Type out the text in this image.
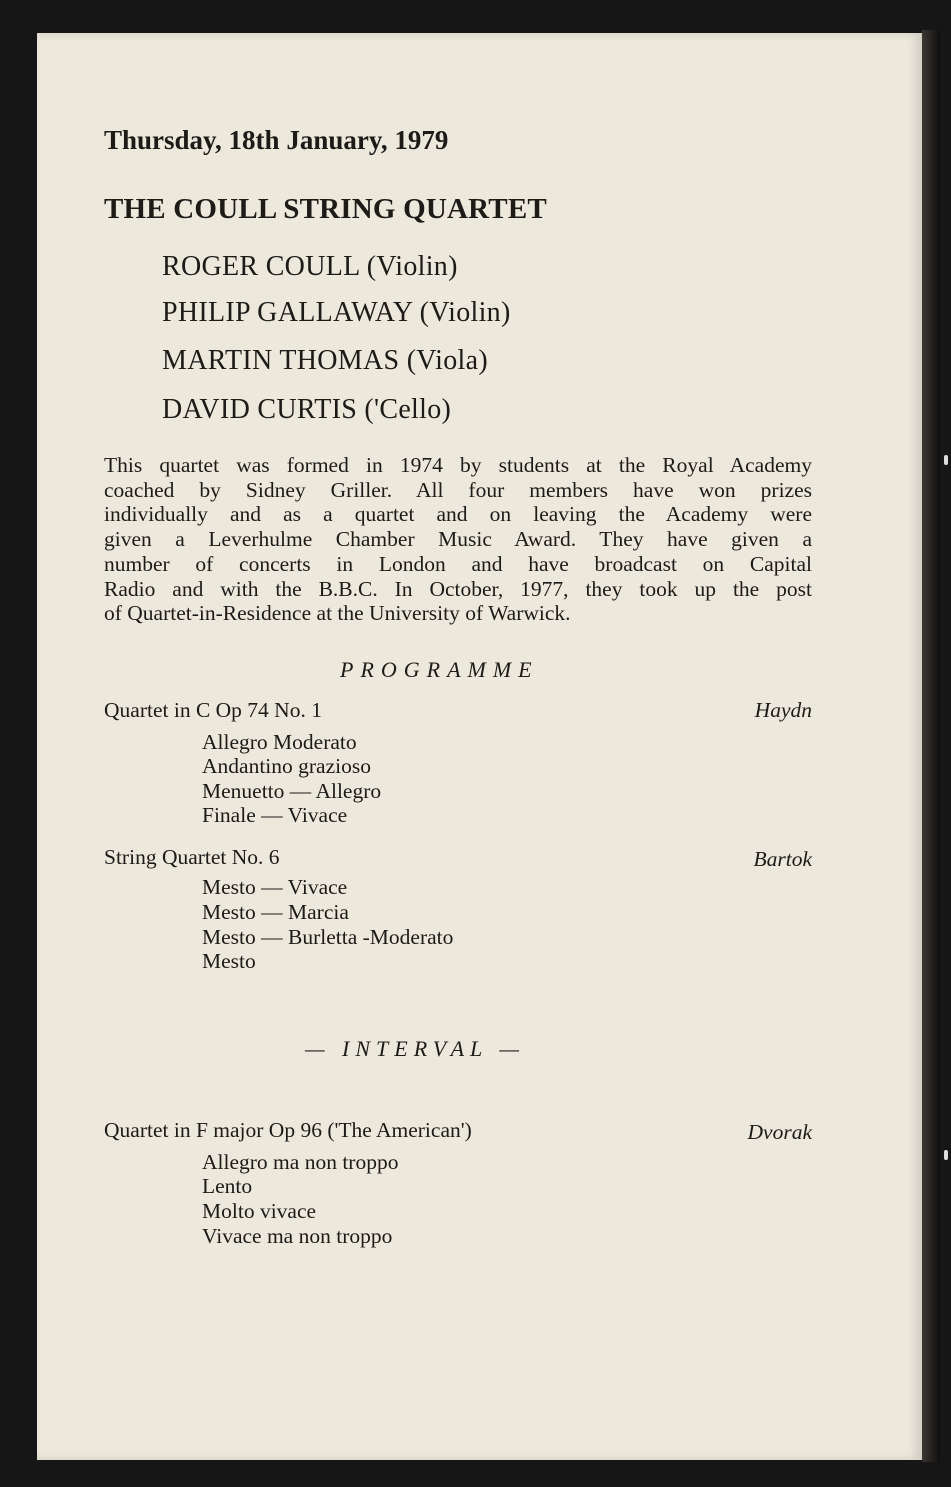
Thursday, 18th January, 1979
THE COULL STRING QUARTET
ROGER COULL (Violin)
PHILIP GALLAWAY (Violin)
MARTIN THOMAS (Viola)
DAVID CURTIS ('Cello)
This quartet was formed in 1974 by students at the Royal Academy
coached by Sidney Griller. All four members have won prizes
individually and as a quartet and on leaving the Academy were
given a Leverhulme Chamber Music Award. They have given a
number of concerts in London and have broadcast on Capital
Radio and with the B.B.C. In October, 1977, they took up the post
of Quartet-in-Residence at the University of Warwick.
PROGRAMME
Quartet in C Op 74 No. 1	Haydn
Allegro Moderato
Andantino grazioso
Menuetto — Allegro
Finale — Vivace
String Quartet No. 6	Bartok
Mesto — Vivace
Mesto — Marcia
Mesto — Burletta -Moderato
Mesto
— INTERVAL —
Quartet in F major Op 96 ('The American')	Dvorak
Allegro ma non troppo
Lento
Molto vivace
Vivace ma non troppo
